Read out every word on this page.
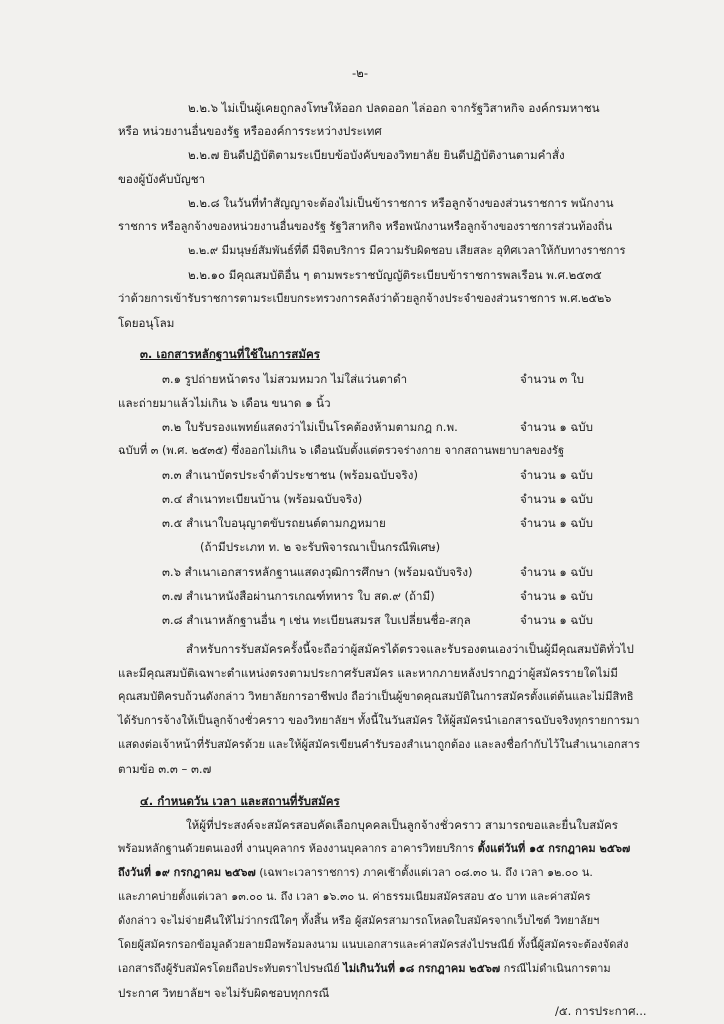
-๒-
๒.๒.๖ ไม่เป็นผู้เคยถูกลงโทษให้ออก ปลดออก ไล่ออก จากรัฐวิสาหกิจ องค์กรมหาชน
หรือ หน่วยงานอื่นของรัฐ หรือองค์การระหว่างประเทศ
๒.๒.๗ ยินดีปฏิบัติตามระเบียบข้อบังคับของวิทยาลัย ยินดีปฏิบัติงานตามคำสั่ง
ของผู้บังคับบัญชา
๒.๒.๘ ในวันที่ทำสัญญาจะต้องไม่เป็นข้าราชการ หรือลูกจ้างของส่วนราชการ พนักงาน
ราชการ หรือลูกจ้างของหน่วยงานอื่นของรัฐ รัฐวิสาหกิจ หรือพนักงานหรือลูกจ้างของราชการส่วนท้องถิ่น
๒.๒.๙ มีมนุษย์สัมพันธ์ที่ดี มีจิตบริการ มีความรับผิดชอบ เสียสละ อุทิศเวลาให้กับทางราชการ
๒.๒.๑๐ มีคุณสมบัติอื่น ๆ ตามพระราชบัญญัติระเบียบข้าราชการพลเรือน พ.ศ.๒๕๓๕
ว่าด้วยการเข้ารับราชการตามระเบียบกระทรวงการคลังว่าด้วยลูกจ้างประจำของส่วนราชการ พ.ศ.๒๕๒๖
โดยอนุโลม
๓. เอกสารหลักฐานที่ใช้ในการสมัคร
๓.๑ รูปถ่ายหน้าตรง ไม่สวมหมวก ไม่ใส่แว่นตาดำ	จำนวน ๓ ใบ
และถ่ายมาแล้วไม่เกิน ๖ เดือน ขนาด ๑ นิ้ว
๓.๒ ใบรับรองแพทย์แสดงว่าไม่เป็นโรคต้องห้ามตามกฎ ก.พ.	จำนวน ๑ ฉบับ
ฉบับที่ ๓ (พ.ศ. ๒๕๓๕) ซึ่งออกไม่เกิน ๖ เดือนนับตั้งแต่ตรวจร่างกาย จากสถานพยาบาลของรัฐ
๓.๓ สำเนาบัตรประจำตัวประชาชน (พร้อมฉบับจริง)	จำนวน ๑ ฉบับ
๓.๔ สำเนาทะเบียนบ้าน (พร้อมฉบับจริง)	จำนวน ๑ ฉบับ
๓.๕ สำเนาใบอนุญาตขับรถยนต์ตามกฎหมาย	จำนวน ๑ ฉบับ
(ถ้ามีประเภท ท. ๒ จะรับพิจารณาเป็นกรณีพิเศษ)
๓.๖ สำเนาเอกสารหลักฐานแสดงวุฒิการศึกษา (พร้อมฉบับจริง)	จำนวน ๑ ฉบับ
๓.๗ สำเนาหนังสือผ่านการเกณฑ์ทหาร ใบ สด.๙ (ถ้ามี)	จำนวน ๑ ฉบับ
๓.๘ สำเนาหลักฐานอื่น ๆ เช่น ทะเบียนสมรส ใบเปลี่ยนชื่อ-สกุล	จำนวน ๑ ฉบับ
สำหรับการรับสมัครครั้งนี้จะถือว่าผู้สมัครได้ตรวจและรับรองตนเองว่าเป็นผู้มีคุณสมบัติทั่วไป
และมีคุณสมบัติเฉพาะตำแหน่งตรงตามประกาศรับสมัคร และหากภายหลังปรากฏว่าผู้สมัครรายใดไม่มี
คุณสมบัติครบถ้วนดังกล่าว วิทยาลัยการอาชีพปง ถือว่าเป็นผู้ขาดคุณสมบัติในการสมัครตั้งแต่ต้นและไม่มีสิทธิ
ได้รับการจ้างให้เป็นลูกจ้างชั่วคราว ของวิทยาลัยฯ ทั้งนี้ในวันสมัคร ให้ผู้สมัครนำเอกสารฉบับจริงทุกรายการมา
แสดงต่อเจ้าหน้าที่รับสมัครด้วย และให้ผู้สมัครเขียนคำรับรองสำเนาถูกต้อง และลงชื่อกำกับไว้ในสำเนาเอกสาร
ตามข้อ ๓.๓ – ๓.๗
๔. กำหนดวัน เวลา และสถานที่รับสมัคร
ให้ผู้ที่ประสงค์จะสมัครสอบคัดเลือกบุคคลเป็นลูกจ้างชั่วคราว สามารถขอและยื่นใบสมัคร
พร้อมหลักฐานด้วยตนเองที่ งานบุคลากร ห้องงานบุคลากร อาคารวิทยบริการ ตั้งแต่วันที่ ๑๕ กรกฎาคม ๒๕๖๗
ถึงวันที่ ๑๙ กรกฎาคม ๒๕๖๗ (เฉพาะเวลาราชการ) ภาคเช้าตั้งแต่เวลา ๐๘.๓๐ น. ถึง เวลา ๑๒.๐๐ น.
และภาคบ่ายตั้งแต่เวลา ๑๓.๐๐ น. ถึง เวลา ๑๖.๓๐ น. ค่าธรรมเนียมสมัครสอบ ๕๐ บาท และค่าสมัคร
ดังกล่าว จะไม่จ่ายคืนให้ไม่ว่ากรณีใดๆ ทั้งสิ้น หรือ ผู้สมัครสามารถโหลดใบสมัครจากเว็บไซต์ วิทยาลัยฯ
โดยผู้สมัครกรอกข้อมูลด้วยลายมือพร้อมลงนาม แนบเอกสารและค่าสมัครส่งไปรษณีย์ ทั้งนี้ผู้สมัครจะต้องจัดส่ง
เอกสารถึงผู้รับสมัครโดยถือประทับตราไปรษณีย์ ไม่เกินวันที่ ๑๘ กรกฎาคม ๒๕๖๗ กรณีไม่ดำเนินการตาม
ประกาศ วิทยาลัยฯ จะไม่รับผิดชอบทุกกรณี
/๕. การประกาศ...
